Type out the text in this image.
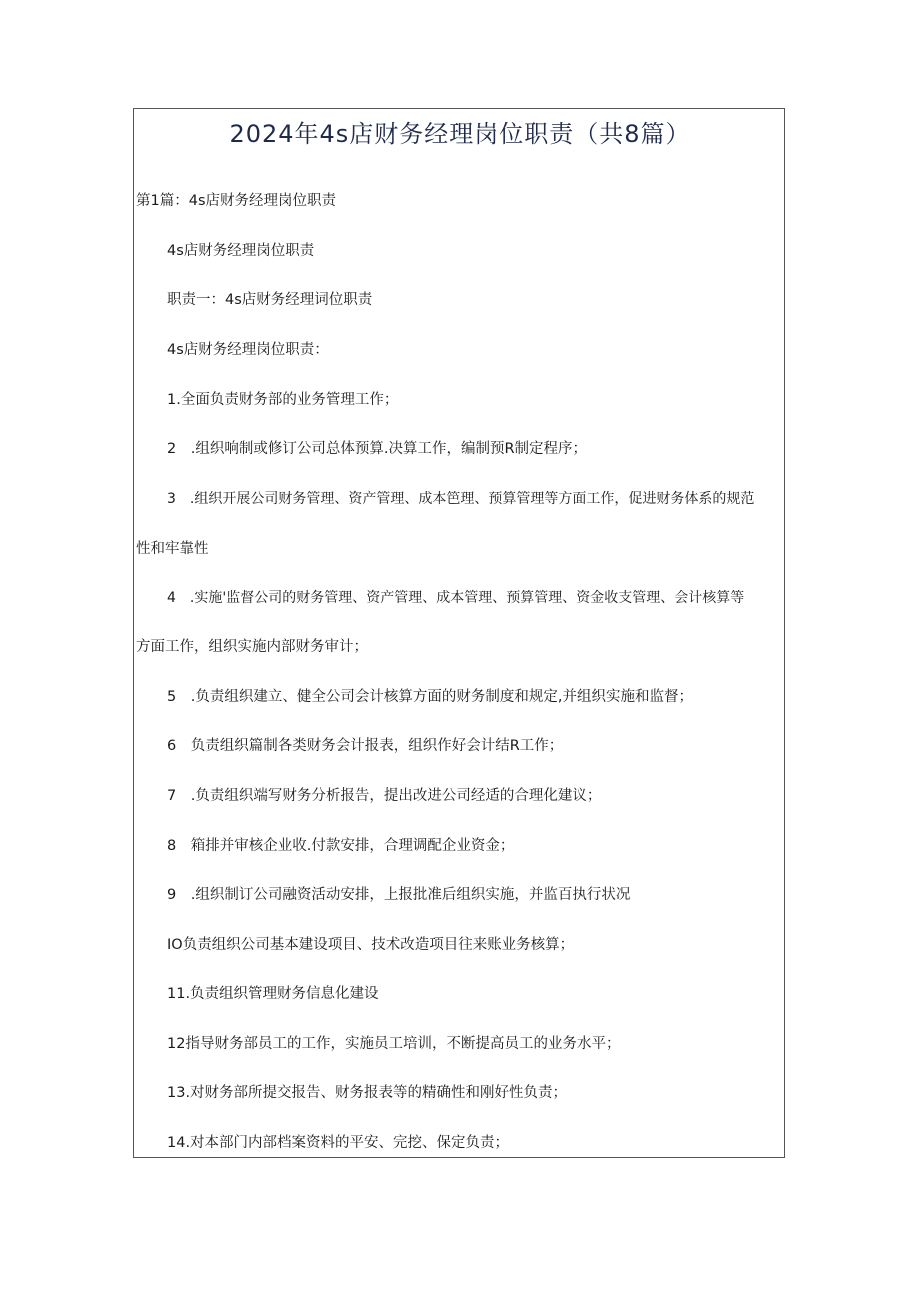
2024年4s店财务经理岗位职责（共8篇）
第1篇：4s店财务经理岗位职责
4s店财务经理岗位职责
职责一：4s店财务经理词位职责
4s店财务经理岗位职责：
1.全面负责财务部的业务管理工作；
2　.组织响制或修订公司总体预算.决算工作，编制预R制定程序；
3　.组织开展公司财务管理、资产管理、成本笆理、预算管理等方面工作，促进财务体系的规范
性和牢靠性
4　.实施'监督公司的财务管理、资产管理、成本管理、预算管理、资金收支管理、会计核算等
方面工作，组织实施内部财务审计；
5　.负责组织建立、健全公司会计核算方面的财务制度和规定,并组织实施和监督；
6　负责组织篇制各类财务会计报表，组织作好会计结R工作；
7　.负责组织端写财务分析报告，提出改进公司经适的合理化建议；
8　箱排并审核企业收.付款安排，合理调配企业资金；
9　.组织制订公司融资活动安排，上报批准后组织实施，并监百执行状况
IO负责组织公司基本建设项目、技术改造项目往来账业务核算；
11.负责组织管理财务信息化建设
12指导财务部员工的工作，实施员工培训，不断提高员工的业务水平；
13.对财务部所提交报告、财务报表等的精确性和刚好性负责；
14.对本部门内部档案资料的平安、完挖、保定负责；
